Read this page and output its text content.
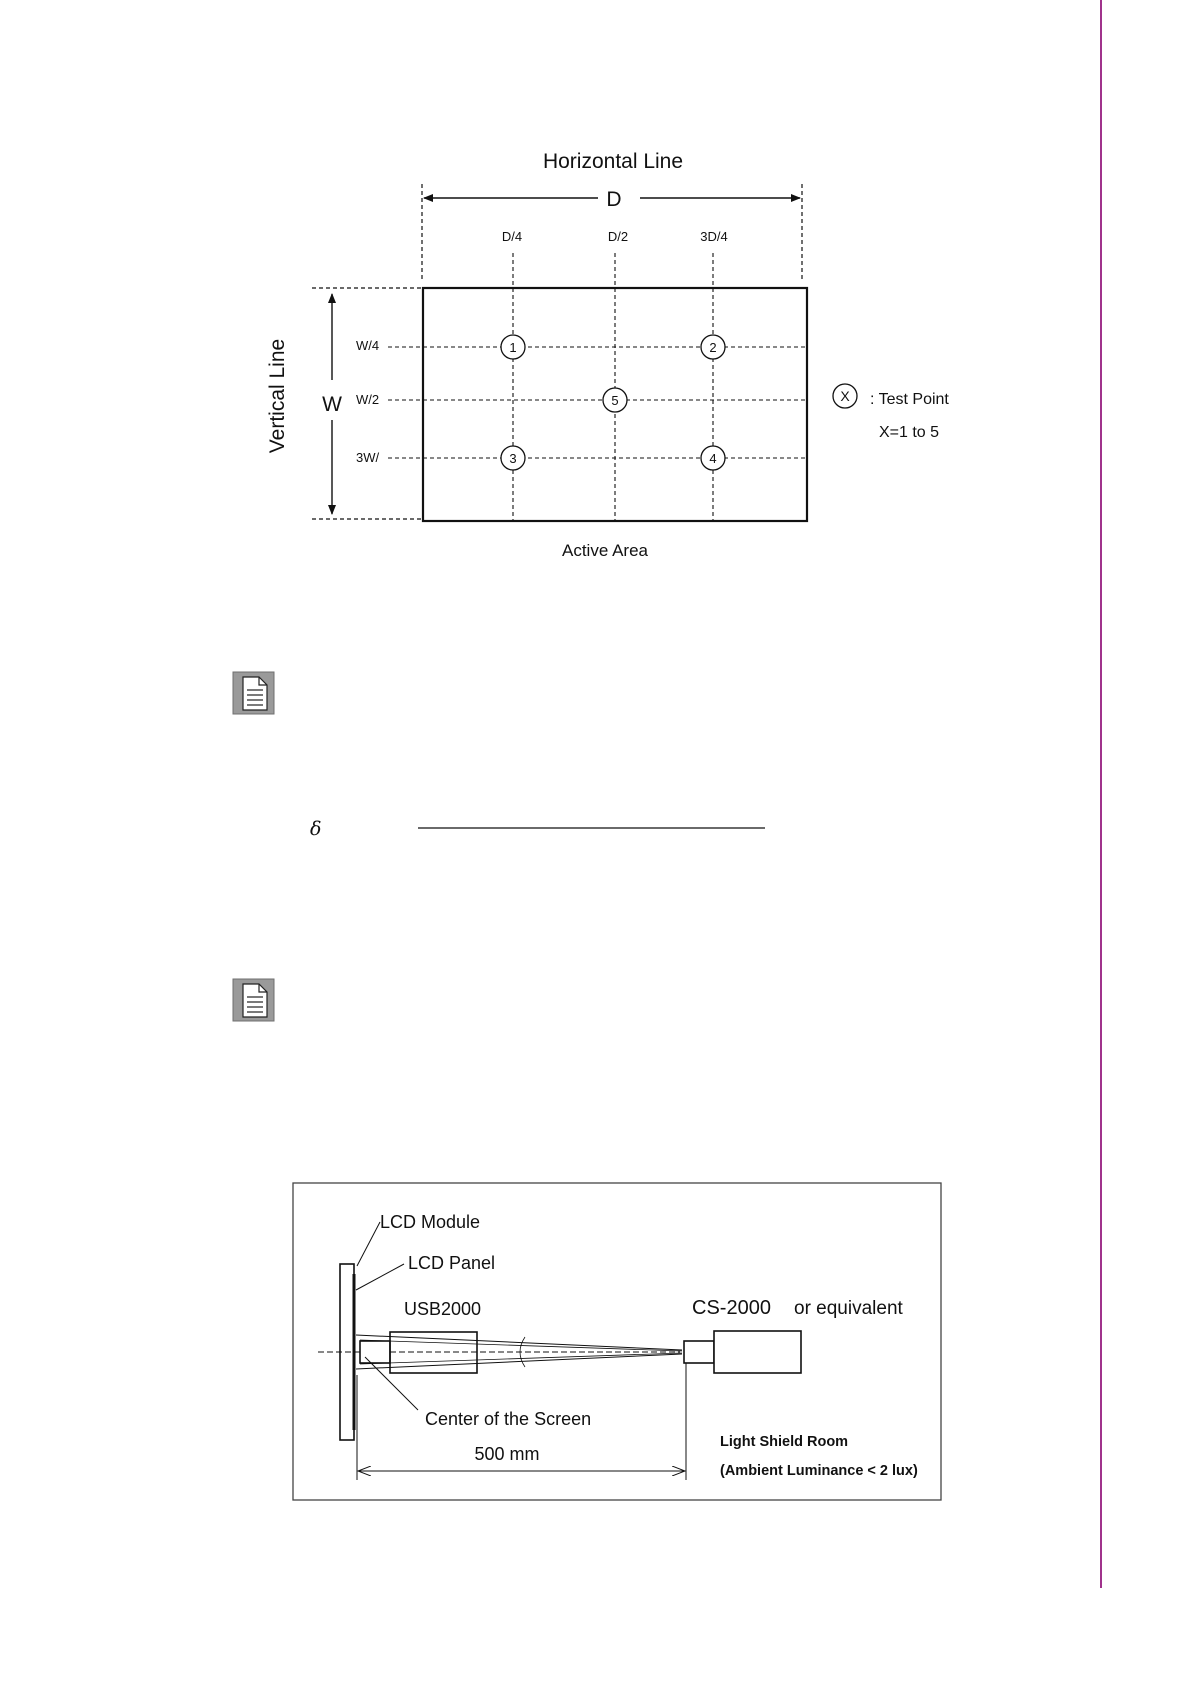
Horizontal Line
D
D/4	D/2	3D/4
W
Vertical Line	W/4
W/2
3W/
1	2
5
3	4
X : Test Point
X=1 to 5
Active Area
LCD Module
LCD Panel
USB2000	CS-2000 or equivalent
Center of the Screen
500 mm
Light Shield Room
(Ambient Luminance < 2 lux)
δ
